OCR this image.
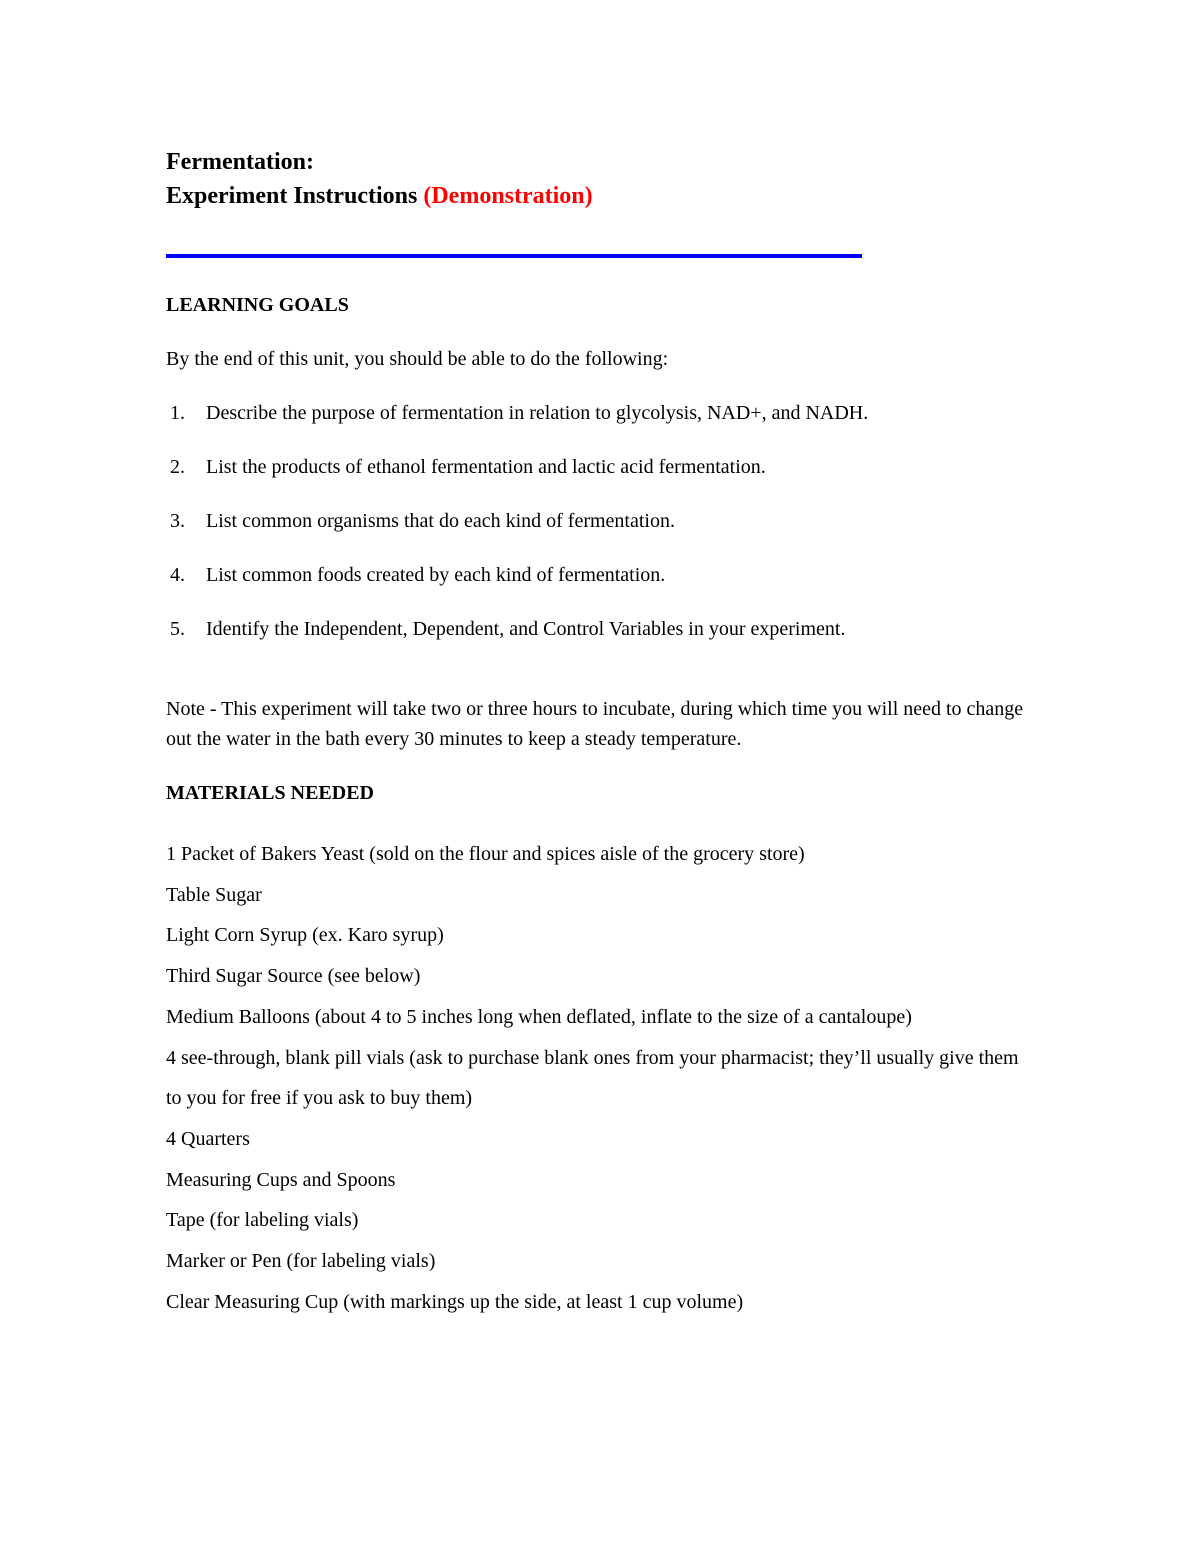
Fermentation:
Experiment Instructions (Demonstration)
LEARNING GOALS

By the end of this unit, you should be able to do the following:

1.	Describe the purpose of fermentation in relation to glycolysis, NAD+, and NADH.
2.	List the products of ethanol fermentation and lactic acid fermentation.
3.	List common organisms that do each kind of fermentation.
4.	List common foods created by each kind of fermentation.
5.	Identify the Independent, Dependent, and Control Variables in your experiment.

Note - This experiment will take two or three hours to incubate, during which time you will need to change out the water in the bath every 30 minutes to keep a steady temperature.

MATERIALS NEEDED
1 Packet of Bakers Yeast (sold on the flour and spices aisle of the grocery store)
Table Sugar
Light Corn Syrup (ex. Karo syrup)
Third Sugar Source (see below)
Medium Balloons (about 4 to 5 inches long when deflated, inflate to the size of a cantaloupe)
4 see-through, blank pill vials (ask to purchase blank ones from your pharmacist; they’ll usually give them to you for free if you ask to buy them)
4 Quarters
Measuring Cups and Spoons
Tape (for labeling vials)
Marker or Pen (for labeling vials)
Clear Measuring Cup (with markings up the side, at least 1 cup volume)
